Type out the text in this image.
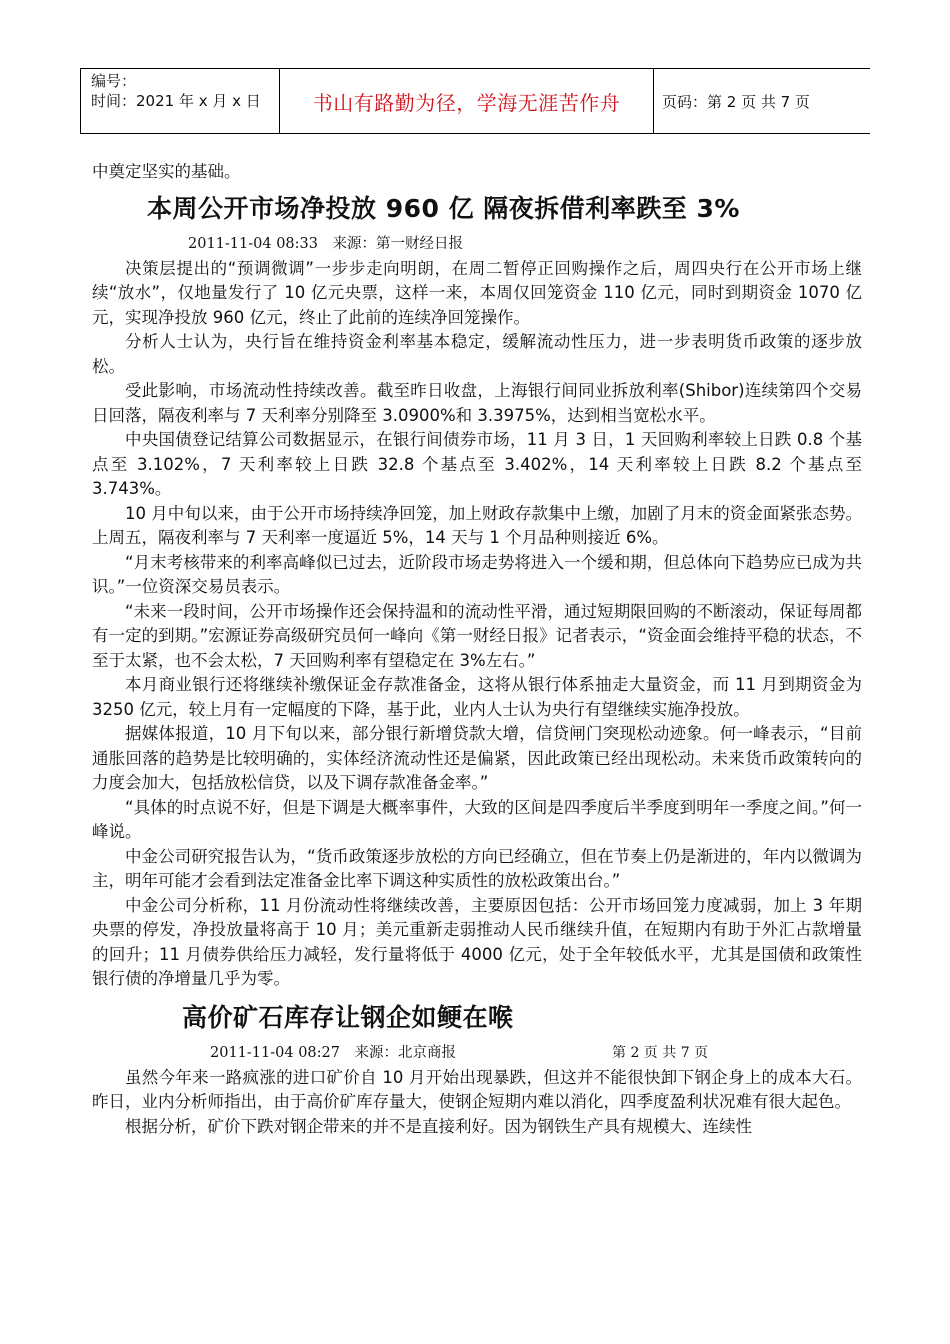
编号：
时间：2021 年 x 月 x 日	书山有路勤为径，学海无涯苦作舟	页码：第 2 页 共 7 页

中奠定坚实的基础。

本周公开市场净投放 960 亿 隔夜拆借利率跌至 3%

2011-11-04 08:33　来源：第一财经日报

决策层提出的“预调微调”一步步走向明朗，在周二暂停正回购操作之后，周四央行在公开市场上继续“放水”，仅地量发行了 10 亿元央票，这样一来，本周仅回笼资金 110 亿元，同时到期资金 1070 亿元，实现净投放 960 亿元，终止了此前的连续净回笼操作。

分析人士认为，央行旨在维持资金利率基本稳定，缓解流动性压力，进一步表明货币政策的逐步放松。

受此影响，市场流动性持续改善。截至昨日收盘，上海银行间同业拆放利率(Shibor)连续第四个交易日回落，隔夜利率与 7 天利率分别降至 3.0900%和 3.3975%，达到相当宽松水平。

中央国债登记结算公司数据显示，在银行间债券市场，11 月 3 日，1 天回购利率较上日跌 0.8 个基点至 3.102%，7 天利率较上日跌 32.8 个基点至 3.402%，14 天利率较上日跌 8.2 个基点至 3.743%。

10 月中旬以来，由于公开市场持续净回笼，加上财政存款集中上缴，加剧了月末的资金面紧张态势。上周五，隔夜利率与 7 天利率一度逼近 5%，14 天与 1 个月品种则接近 6%。

“月末考核带来的利率高峰似已过去，近阶段市场走势将进入一个缓和期，但总体向下趋势应已成为共识。”一位资深交易员表示。

“未来一段时间，公开市场操作还会保持温和的流动性平滑，通过短期限回购的不断滚动，保证每周都有一定的到期。”宏源证券高级研究员何一峰向《第一财经日报》记者表示，“资金面会维持平稳的状态，不至于太紧，也不会太松，7 天回购利率有望稳定在 3%左右。”

本月商业银行还将继续补缴保证金存款准备金，这将从银行体系抽走大量资金，而 11 月到期资金为 3250 亿元，较上月有一定幅度的下降，基于此，业内人士认为央行有望继续实施净投放。

据媒体报道，10 月下旬以来，部分银行新增贷款大增，信贷闸门突现松动迹象。何一峰表示，“目前通胀回落的趋势是比较明确的，实体经济流动性还是偏紧，因此政策已经出现松动。未来货币政策转向的力度会加大，包括放松信贷，以及下调存款准备金率。”

“具体的时点说不好，但是下调是大概率事件，大致的区间是四季度后半季度到明年一季度之间。”何一峰说。

中金公司研究报告认为，“货币政策逐步放松的方向已经确立，但在节奏上仍是渐进的，年内以微调为主，明年可能才会看到法定准备金比率下调这种实质性的放松政策出台。”

中金公司分析称，11 月份流动性将继续改善，主要原因包括：公开市场回笼力度减弱，加上 3 年期央票的停发，净投放量将高于 10 月；美元重新走弱推动人民币继续升值，在短期内有助于外汇占款增量的回升；11 月债券供给压力减轻，发行量将低于 4000 亿元，处于全年较低水平，尤其是国债和政策性银行债的净增量几乎为零。

高价矿石库存让钢企如鲠在喉
2011-11-04 08:27　来源：北京商报	第 2 页 共 7 页

虽然今年来一路疯涨的进口矿价自 10 月开始出现暴跌，但这并不能很快卸下钢企身上的成本大石。昨日，业内分析师指出，由于高价矿库存量大，使钢企短期内难以消化，四季度盈利状况难有很大起色。

根据分析，矿价下跌对钢企带来的并不是直接利好。因为钢铁生产具有规模大、连续性
